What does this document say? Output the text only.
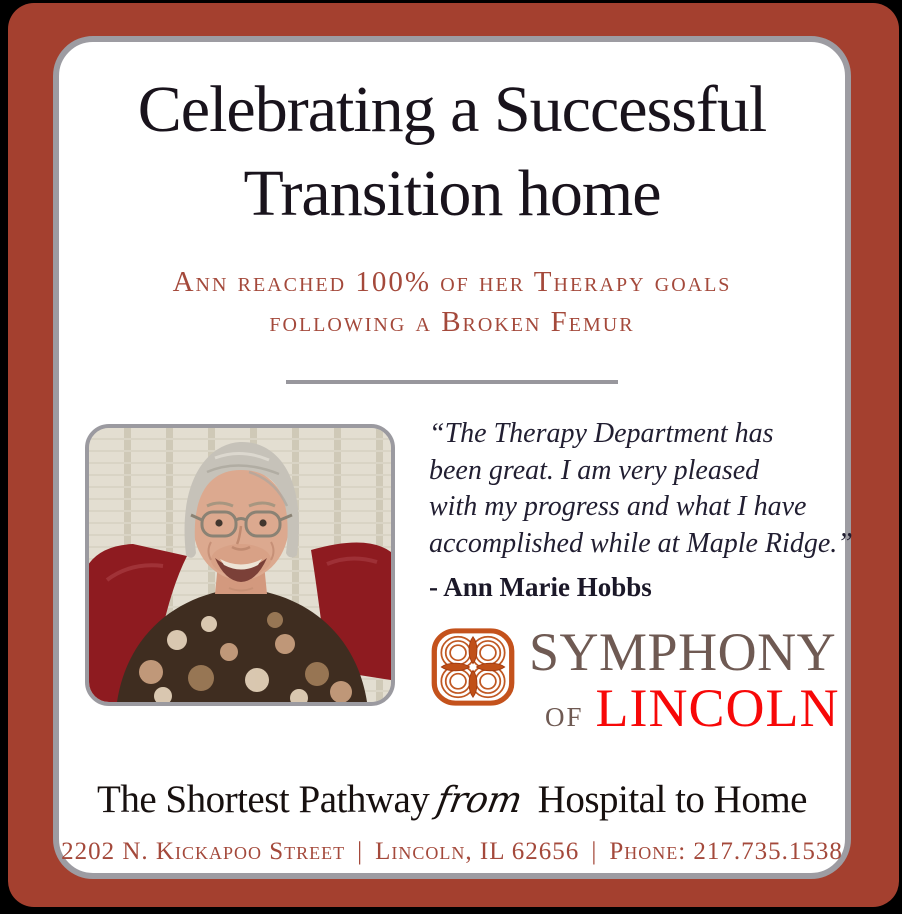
Celebrating a Successful
Transition home
Ann reached 100% of her Therapy goals
following a Broken Femur
“The Therapy Department has
been great. I am very pleased
with my progress and what I have
accomplished while at Maple Ridge.”
- Ann Marie Hobbs
SYMPHONY
OF LINCOLN
The Shortest Pathway from Hospital to Home
2202 N. Kickapoo Street | Lincoln, IL 62656 | Phone: 217.735.1538
